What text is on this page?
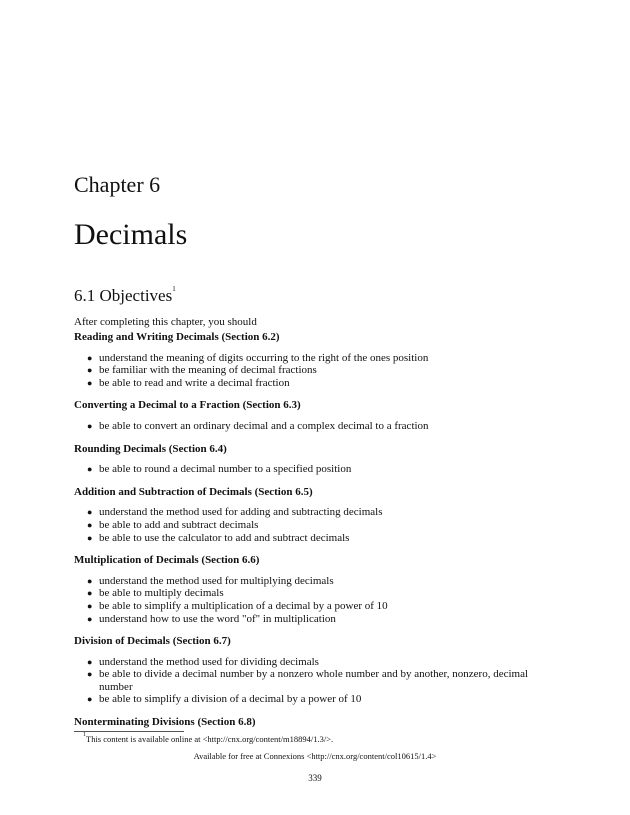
Chapter 6
Decimals
6.1 Objectives$^1$
After completing this chapter, you should
Reading and Writing Decimals (Section 6.2)
● understand the meaning of digits occurring to the right of the ones position
● be familiar with the meaning of decimal fractions
● be able to read and write a decimal fraction
Converting a Decimal to a Fraction (Section 6.3)
● be able to convert an ordinary decimal and a complex decimal to a fraction
Rounding Decimals (Section 6.4)
● be able to round a decimal number to a specified position
Addition and Subtraction of Decimals (Section 6.5)
● understand the method used for adding and subtracting decimals
● be able to add and subtract decimals
● be able to use the calculator to add and subtract decimals
Multiplication of Decimals (Section 6.6)
● understand the method used for multiplying decimals
● be able to multiply decimals
● be able to simplify a multiplication of a decimal by a power of 10
● understand how to use the word "of" in multiplication
Division of Decimals (Section 6.7)
● understand the method used for dividing decimals
● be able to divide a decimal number by a nonzero whole number and by another, nonzero, decimal number
● be able to simplify a division of a decimal by a power of 10
Nonterminating Divisions (Section 6.8)
$^1$This content is available online at <http://cnx.org/content/m18894/1.3/>.
Available for free at Connexions <http://cnx.org/content/col10615/1.4>
339
